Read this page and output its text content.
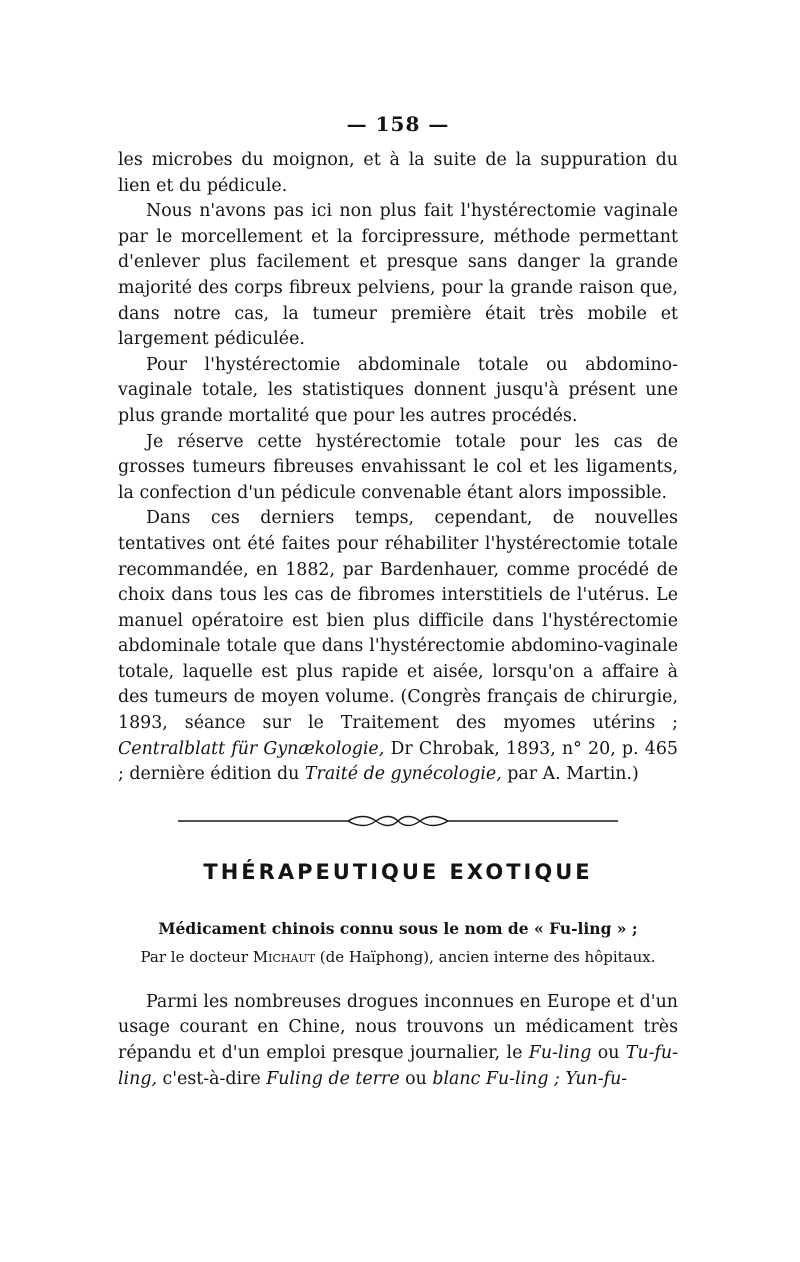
— 158 —

les microbes du moignon, et à la suite de la suppuration du lien et du pédicule.

Nous n'avons pas ici non plus fait l'hystérectomie vaginale par le morcellement et la forcipressure, méthode permettant d'enlever plus facilement et presque sans danger la grande majorité des corps fibreux pelviens, pour la grande raison que, dans notre cas, la tumeur première était très mobile et largement pédiculée.

Pour l'hystérectomie abdominale totale ou abdomino-vaginale totale, les statistiques donnent jusqu'à présent une plus grande mortalité que pour les autres procédés.

Je réserve cette hystérectomie totale pour les cas de grosses tumeurs fibreuses envahissant le col et les ligaments, la confection d'un pédicule convenable étant alors impossible.

Dans ces derniers temps, cependant, de nouvelles tentatives ont été faites pour réhabiliter l'hystérectomie totale recommandée, en 1882, par Bardenhauer, comme procédé de choix dans tous les cas de fibromes interstitiels de l'utérus. Le manuel opératoire est bien plus difficile dans l'hystérectomie abdominale totale que dans l'hystérectomie abdomino-vaginale totale, laquelle est plus rapide et aisée, lorsqu'on a affaire à des tumeurs de moyen volume. (Congrès français de chirurgie, 1893, séance sur le Traitement des myomes utérins ; Centralblatt für Gynækologie, Dr Chrobak, 1893, n° 20, p. 465 ; dernière édition du Traité de gynécologie, par A. Martin.)

THÉRAPEUTIQUE EXOTIQUE
Médicament chinois connu sous le nom de « Fu-ling » ;
Par le docteur Michaut (de Haïphong), ancien interne des hôpitaux.

Parmi les nombreuses drogues inconnues en Europe et d'un usage courant en Chine, nous trouvons un médicament très répandu et d'un emploi presque journalier, le Fu-ling ou Tu-fu-ling, c'est-à-dire Fuling de terre ou blanc Fu-ling ; Yun-fu-
